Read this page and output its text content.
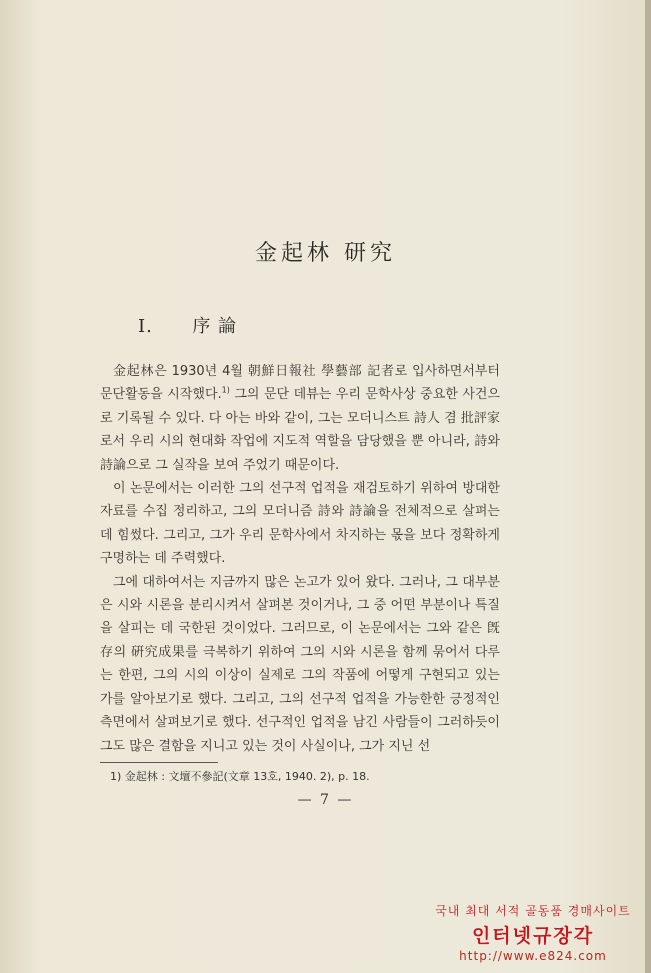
金起林 研究
I. 序 論

金起林은 1930년 4월 朝鮮日報社 學藝部 記者로 입사하면서부터 문단활동을 시작했다.$^{1)}$ 그의 문단 데뷰는 우리 문학사상 중요한 사건으로 기록될 수 있다. 다 아는 바와 같이, 그는 모더니스트 詩人 겸 批評家로서 우리 시의 현대화 작업에 지도적 역할을 담당했을 뿐 아니라, 詩와 詩論으로 그 실작을 보여 주었기 때문이다.

이 논문에서는 이러한 그의 선구적 업적을 재검토하기 위하여 방대한 자료를 수집 정리하고, 그의 모더니즘 詩와 詩論을 전체적으로 살펴는 데 힘썼다. 그리고, 그가 우리 문학사에서 차지하는 몫을 보다 정확하게 구명하는 데 주력했다.

그에 대하여서는 지금까지 많은 논고가 있어 왔다. 그러나, 그 대부분은 시와 시론을 분리시켜서 살펴본 것이거나, 그 중 어떤 부분이나 특질을 살피는 데 국한된 것이었다. 그러므로, 이 논문에서는 그와 같은 旣存의 硏究成果를 극복하기 위하여 그의 시와 시론을 함께 묶어서 다루는 한편, 그의 시의 이상이 실제로 그의 작품에 어떻게 구현되고 있는 가를 알아보기로 했다. 그리고, 그의 선구적 업적을 가능한한 긍정적인 측면에서 살펴보기로 했다. 선구적인 업적을 남긴 사람들이 그러하듯이 그도 많은 결함을 지니고 있는 것이 사실이나, 그가 지닌 선

1) 金起林 : 文壇不參記(文章 13호, 1940. 2), p. 18.
— 7 —
국내 최대 서적 골동품 경매사이트
인터넷규장각
http://www.e824.com
